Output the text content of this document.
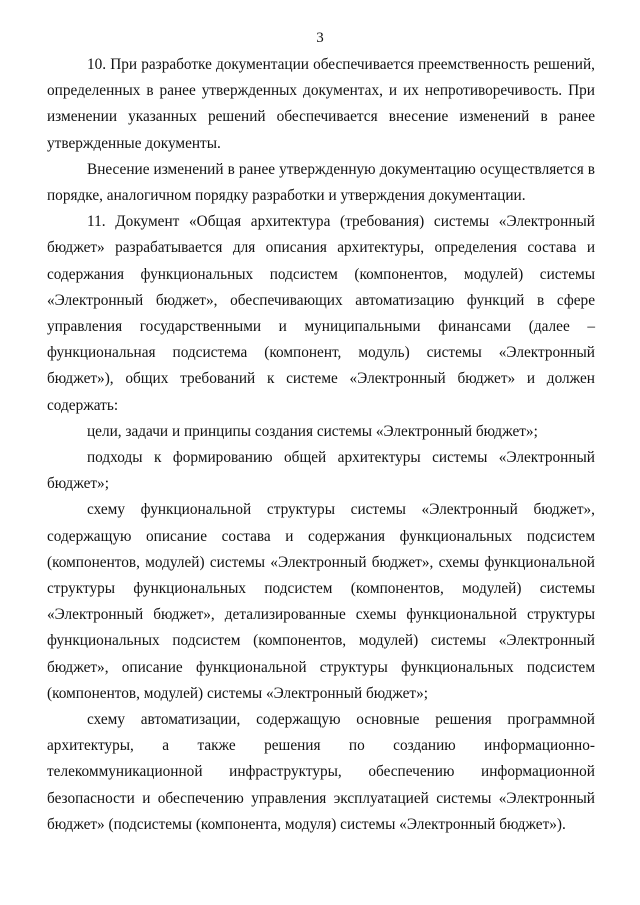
3

10. При разработке документации обеспечивается преемственность решений, определенных в ранее утвержденных документах, и их непротиворечивость. При изменении указанных решений обеспечивается внесение изменений в ранее утвержденные документы.

Внесение изменений в ранее утвержденную документацию осуществляется в порядке, аналогичном порядку разработки и утверждения документации.

11. Документ «Общая архитектура (требования) системы «Электронный бюджет» разрабатывается для описания архитектуры, определения состава и содержания функциональных подсистем (компонентов, модулей) системы «Электронный бюджет», обеспечивающих автоматизацию функций в сфере управления государственными и муниципальными финансами (далее – функциональная подсистема (компонент, модуль) системы «Электронный бюджет»), общих требований к системе «Электронный бюджет» и должен содержать:

цели, задачи и принципы создания системы «Электронный бюджет»;

подходы к формированию общей архитектуры системы «Электронный бюджет»;

схему функциональной структуры системы «Электронный бюджет», содержащую описание состава и содержания функциональных подсистем (компонентов, модулей) системы «Электронный бюджет», схемы функциональной структуры функциональных подсистем (компонентов, модулей) системы «Электронный бюджет», детализированные схемы функциональной структуры функциональных подсистем (компонентов, модулей) системы «Электронный бюджет», описание функциональной структуры функциональных подсистем (компонентов, модулей) системы «Электронный бюджет»;

схему автоматизации, содержащую основные решения программной архитектуры, а также решения по созданию информационно-телекоммуникационной инфраструктуры, обеспечению информационной безопасности и обеспечению управления эксплуатацией системы «Электронный бюджет» (подсистемы (компонента, модуля) системы «Электронный бюджет»).
